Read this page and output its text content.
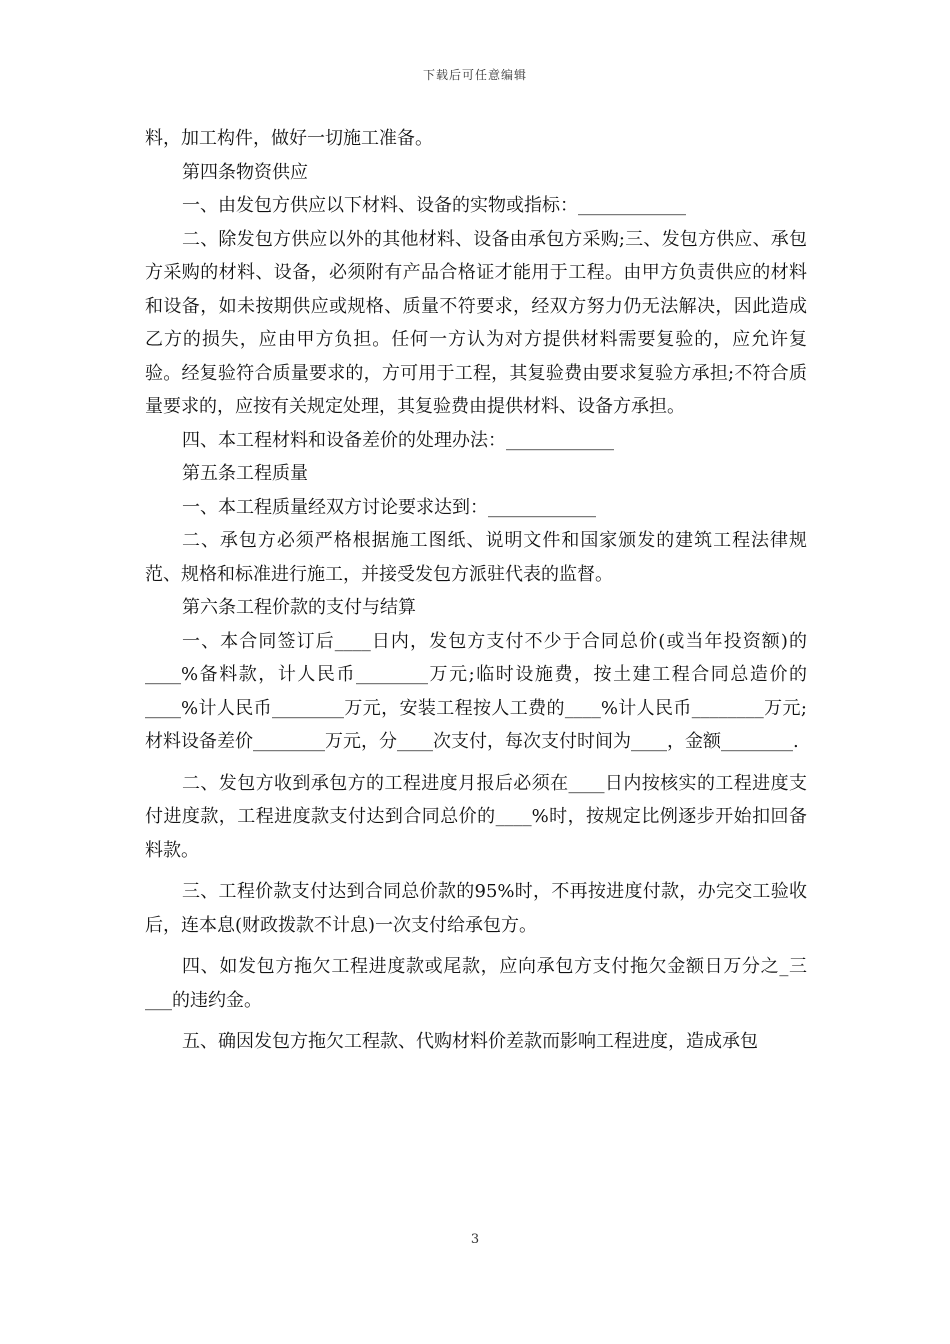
下载后可任意编辑

料，加工构件，做好一切施工准备。

第四条物资供应

一、由发包方供应以下材料、设备的实物或指标：____________

二、除发包方供应以外的其他材料、设备由承包方采购;三、发包方供应、承包方采购的材料、设备，必须附有产品合格证才能用于工程。由甲方负责供应的材料和设备，如未按期供应或规格、质量不符要求，经双方努力仍无法解决，因此造成乙方的损失，应由甲方负担。任何一方认为对方提供材料需要复验的，应允许复验。经复验符合质量要求的，方可用于工程，其复验费由要求复验方承担;不符合质量要求的，应按有关规定处理，其复验费由提供材料、设备方承担。

四、本工程材料和设备差价的处理办法：____________

第五条工程质量

一、本工程质量经双方讨论要求达到：____________

二、承包方必须严格根据施工图纸、说明文件和国家颁发的建筑工程法律规范、规格和标准进行施工，并接受发包方派驻代表的监督。

第六条工程价款的支付与结算

一、本合同签订后____日内，发包方支付不少于合同总价(或当年投资额)的____%备料款，计人民币________万元;临时设施费，按土建工程合同总造价的____%计人民币________万元，安装工程按人工费的____%计人民币________万元;材料设备差价________万元，分____次支付，每次支付时间为____，金额________.

二、发包方收到承包方的工程进度月报后必须在____日内按核实的工程进度支付进度款，工程进度款支付达到合同总价的____%时，按规定比例逐步开始扣回备料款。

三、工程价款支付达到合同总价款的95%时，不再按进度付款，办完交工验收后，连本息(财政拨款不计息)一次支付给承包方。

四、如发包方拖欠工程进度款或尾款，应向承包方支付拖欠金额日万分之_三___的违约金。

五、确因发包方拖欠工程款、代购材料价差款而影响工程进度，造成承包

3
